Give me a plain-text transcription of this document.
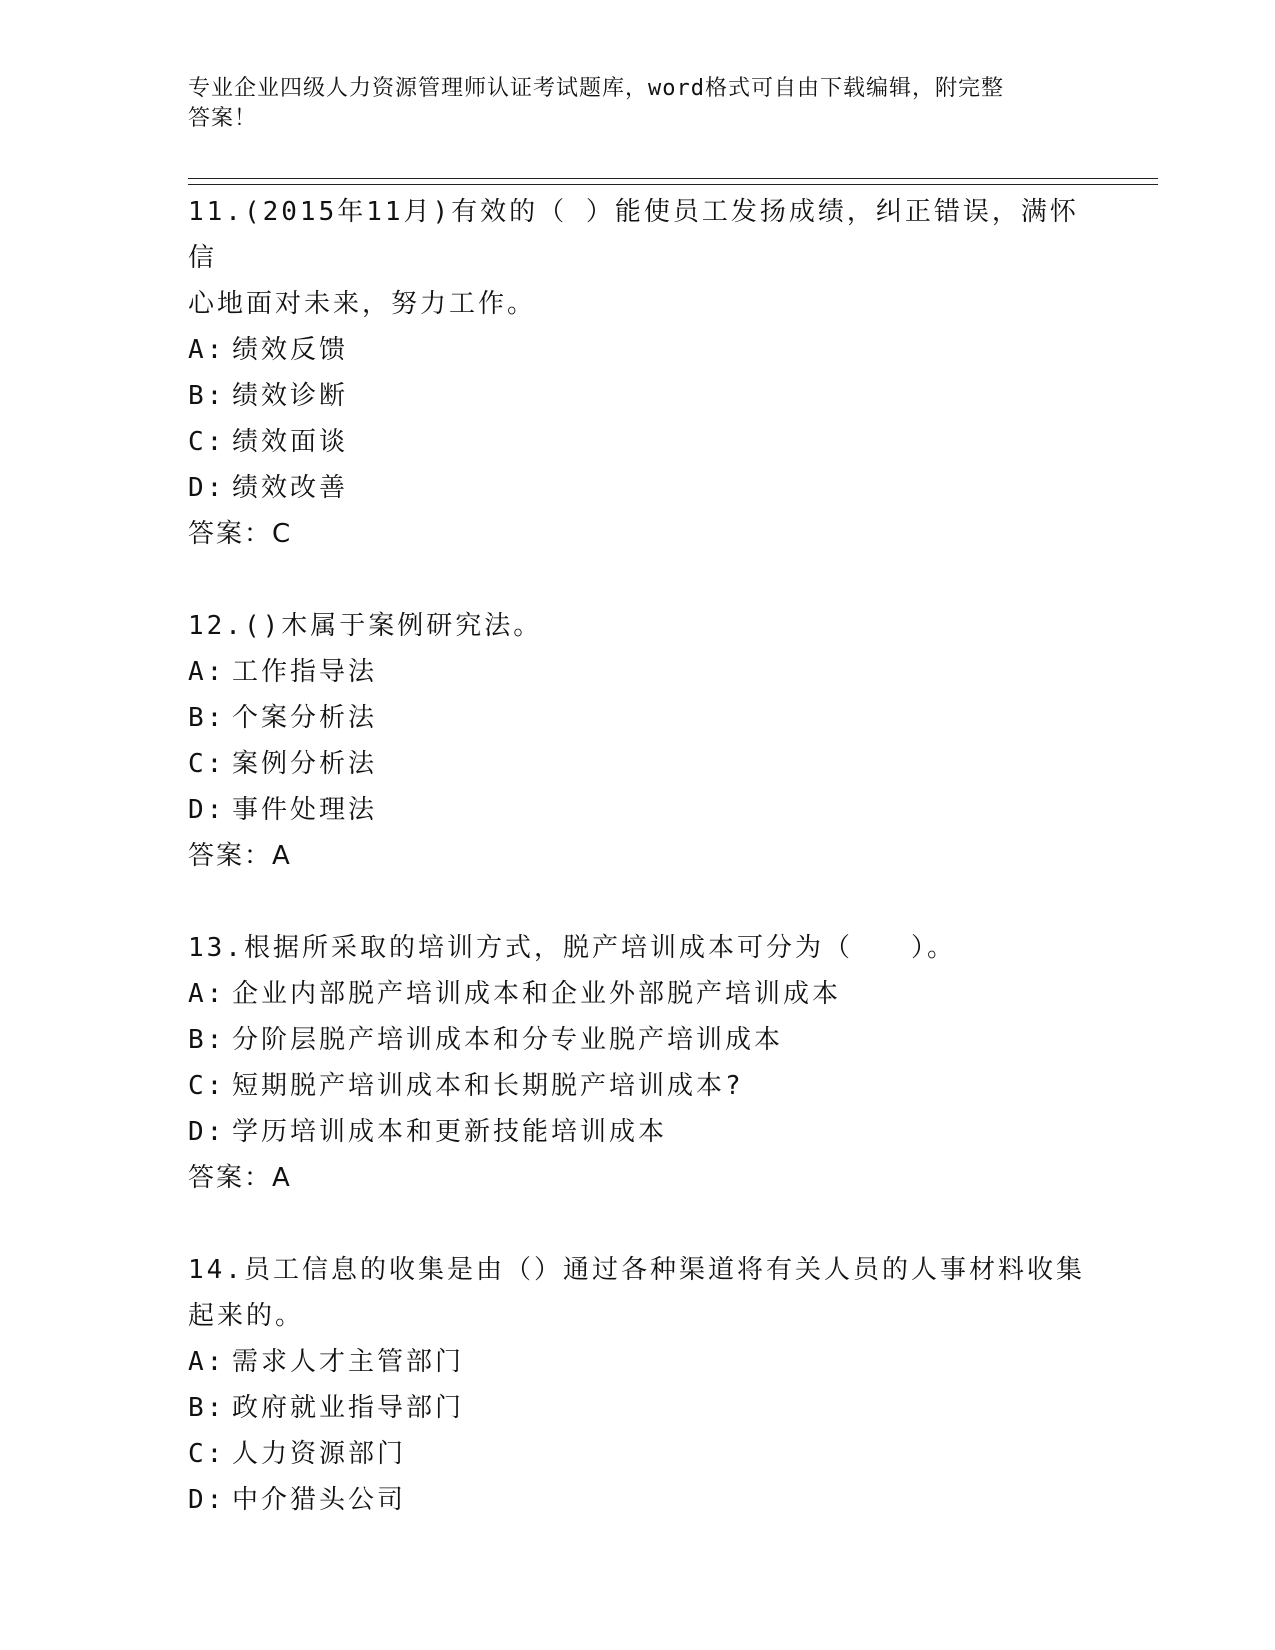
专业企业四级人力资源管理师认证考试题库，word格式可自由下载编辑，附完整
答案！
11.(2015年11月)有效的（ ）能使员工发扬成绩，纠正错误，满怀信
心地面对未来，努力工作。
A: 绩效反馈
B: 绩效诊断
C: 绩效面谈
D: 绩效改善
答案：C
12.()木属于案例研究法。
A: 工作指导法
B: 个案分析法
C: 案例分析法
D: 事件处理法
答案：A
13.根据所采取的培训方式，脱产培训成本可分为（　　）。
A: 企业内部脱产培训成本和企业外部脱产培训成本
B: 分阶层脱产培训成本和分专业脱产培训成本
C: 短期脱产培训成本和长期脱产培训成本?
D: 学历培训成本和更新技能培训成本
答案：A
14.员工信息的收集是由（）通过各种渠道将有关人员的人事材料收集
起来的。
A: 需求人才主管部门
B: 政府就业指导部门
C: 人力资源部门
D: 中介猎头公司
